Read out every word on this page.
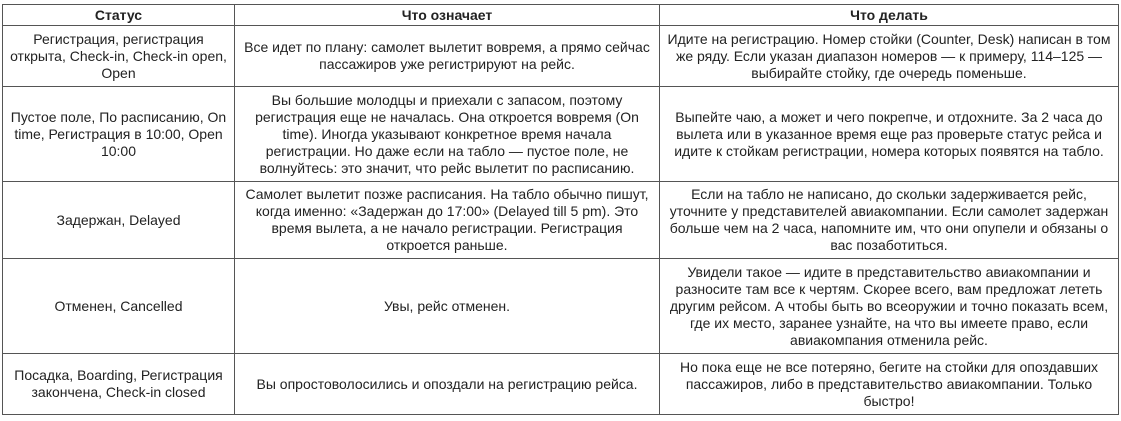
Статус	Что означает	Что делать
Регистрация, регистрация открыта, Check-in, Check-in open, Open	Все идет по плану: самолет вылетит вовремя, а прямо сейчас пассажиров уже регистрируют на рейс.	Идите на регистрацию. Номер стойки (Counter, Desk) написан в том же ряду. Если указан диапазон номеров — к примеру, 114–125 — выбирайте стойку, где очередь поменьше.
Пустое поле, По расписанию, On time, Регистрация в 10:00, Open 10:00	Вы большие молодцы и приехали с запасом, поэтому регистрация еще не началась. Она откроется вовремя (On time). Иногда указывают конкретное время начала регистрации. Но даже если на табло — пустое поле, не волнуйтесь: это значит, что рейс вылетит по расписанию.	Выпейте чаю, а может и чего покрепче, и отдохните. За 2 часа до вылета или в указанное время еще раз проверьте статус рейса и идите к стойкам регистрации, номера которых появятся на табло.
Задержан, Delayed	Самолет вылетит позже расписания. На табло обычно пишут, когда именно: «Задержан до 17:00» (Delayed till 5 pm). Это время вылета, а не начало регистрации. Регистрация откроется раньше.	Если на табло не написано, до скольки задерживается рейс, уточните у представителей авиакомпании. Если самолет задержан больше чем на 2 часа, напомните им, что они опупели и обязаны о вас позаботиться.
Отменен, Cancelled	Увы, рейс отменен.	Увидели такое — идите в представительство авиакомпании и разносите там все к чертям. Скорее всего, вам предложат лететь другим рейсом. А чтобы быть во всеоружии и точно показать всем, где их место, заранее узнайте, на что вы имеете право, если авиакомпания отменила рейс.
Посадка, Boarding, Регистрация закончена, Check-in closed	Вы опростоволосились и опоздали на регистрацию рейса.	Но пока еще не все потеряно, бегите на стойки для опоздавших пассажиров, либо в представительство авиакомпании. Только быстро!
